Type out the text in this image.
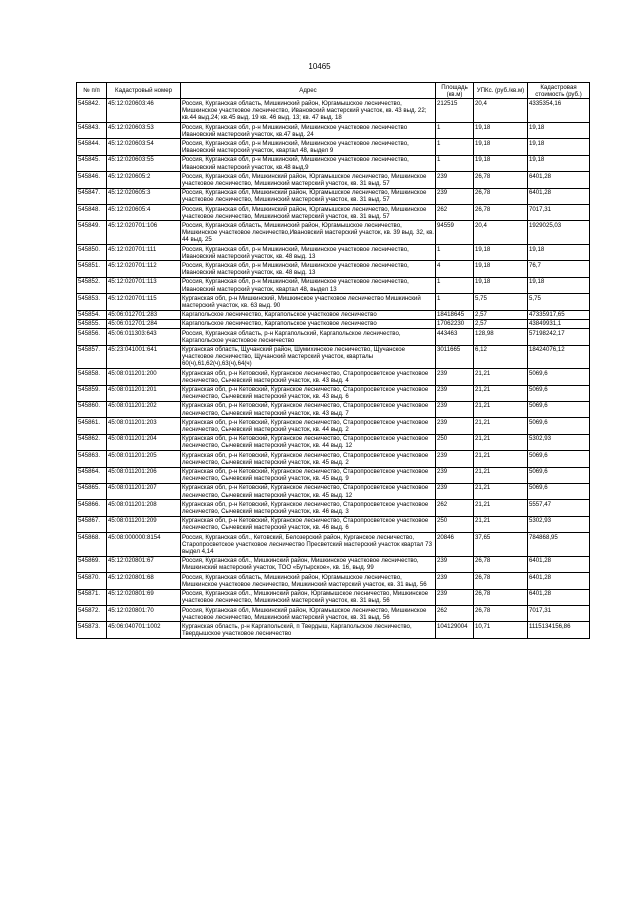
10465
№ п/п	Кадастровый номер	Адрес	Площадь (кв.м)	УПКс. (руб./кв.м)	Кадастровая стоимость (руб.)
545842.	45:12:020603:46	Россия, Курганская область, Мишкинский район, Юргамышское лесничество, Мишкинское участковое лесничество, Ивановский мастерский участок, кв. 43 выд. 22; кв.44 выд.24; кв.45 выд. 19 кв. 46 выд. 13; кв. 47 выд. 18	212515	20,4	4335354,16
545843.	45:12:020603:53	Россия, Курганская обл, р-н Мишкинский, Мишкинское участковое лесничество Ивановский мастерский участок, кв.47 выд. 24	1	19,18	19,18
545844.	45:12:020603:54	Россия, Курганская обл, р-н Мишкинский, Мишкинское участковое лесничество, Ивановский мастерский участок, квартал 48, выдел 9	1	19,18	19,18
545845.	45:12:020603:55	Россия, Курганская обл, р-н Мишкинский, Мишкинское участковое лесничество, Ивановский мастерский участок, кв.48 выд.9	1	19,18	19,18
545846.	45:12:020605:2	Россия, Курганская обл, Мишкинский район, Юргамышское лесничество, Мишкинское участковое лесничество, Мишкинский мастерский участок, кв. 31 выд. 57	239	26,78	6401,28
545847.	45:12:020605:3	Россия, Курганская обл, Мишкинский район, Юргамышское лесничество, Мишкинское участковое лесничество, Мишкинский мастерский участок, кв. 31 выд. 57	239	26,78	6401,28
545848.	45:12:020605:4	Россия, Курганская обл, Мишкинский район, Юргамышское лесничество, Мишкинское участковое лесничество, Мишкинский мастерский участок, кв. 31 выд. 57	262	26,78	7017,31
545849.	45:12:020701:106	Россия, Курганская область, Мишкинский район, Юргамышское лесничество, Мишкинское участковое лесничество,Ивановский мастерский участок, кв. 39 выд. 32, кв. 44 выд. 25	94559	20,4	1929025,03
545850.	45:12:020701:111	Россия, Курганская обл, р-н Мишкинский, Мишкинское участковое лесничество, Ивановский мастерский участок, кв. 48 выд. 13	1	19,18	19,18
545851.	45:12:020701:112	Россия, Курганская обл, р-н Мишкинский, Мишкинское участковое лесничество, Ивановский мастерский участок, кв. 48 выд. 13	4	19,18	76,7
545852.	45:12:020701:113	Россия, Курганская обл, р-н Мишкинский, Мишкинское участковое лесничество, Ивановский мастерский участок, квартал 48, выдел 13	1	19,18	19,18
545853.	45:12:020701:115	Курганская обл, р-н Мишкинский, Мишкинское участковое лесничество Мишкинский мастерский участок, кв. 63 выд. 90	1	5,75	5,75
545854.	45:06:012701:283	Каргапольское лесничество, Каргапольское участковое лесничество	18418645	2,57	47335917,65
545855.	45:06:012701:284	Каргапольское лесничество, Каргапольское участковое лесничество	17062230	2,57	43849931,1
545856.	45:06:011303:643	Россия, Курганская область, р-н Каргапольский, Каргапольское лесничество, Каргапольское участковое лесничество	443463	128,98	57198242,17
545857.	45:23:041001:641	Курганская область, Щучанский район, Шумихинское лесничество, Щучанское участковое лесничество, Щучанский мастерский участок, кварталы 60(ч),61,62(ч),63(ч),64(ч)	3011665	6,12	18424076,12
545858.	45:08:011201:200	Курганская обл, р-н Кетовский, Курганское лесничество, Старопросветское участковое лесничество, Сычевский мастерский участок, кв. 43 выд. 4	239	21,21	5069,6
545859.	45:08:011201:201	Курганская обл, р-н Кетовский, Курганское лесничество, Старопросветское участковое лесничество, Сычевский мастерский участок, кв. 43 выд. 6	239	21,21	5069,6
545860.	45:08:011201:202	Курганская обл, р-н Кетовский, Курганское лесничество, Старопросветское участковое лесничество, Сычевский мастерский участок, кв. 43 выд. 7	239	21,21	5069,6
545861.	45:08:011201:203	Курганская обл, р-н Кетовский, Курганское лесничество, Старопросветское участковое лесничество, Сычевский мастерский участок, кв. 44 выд. 2	239	21,21	5069,6
545862.	45:08:011201:204	Курганская обл, р-н Кетовский, Курганское лесничество, Старопросветское участковое лесничество, Сычевский мастерский участок, кв. 44 выд. 12	250	21,21	5302,93
545863.	45:08:011201:205	Курганская обл, р-н Кетовский, Курганское лесничество, Старопросветское участковое лесничество, Сычевский мастерский участок, кв. 45 выд. 2	239	21,21	5069,6
545864.	45:08:011201:206	Курганская обл, р-н Кетовский, Курганское лесничество, Старопросветское участковое лесничество, Сычевский мастерский участок, кв. 45 выд. 9	239	21,21	5069,6
545865.	45:08:011201:207	Курганская обл, р-н Кетовский, Курганское лесничество, Старопросветское участковое лесничество, Сычевский мастерский участок, кв. 45 выд. 12	239	21,21	5069,6
545866.	45:08:011201:208	Курганская обл, р-н Кетовский, Курганское лесничество, Старопросветское участковое лесничество, Сычевский мастерский участок, кв. 46 выд. 3	262	21,21	5557,47
545867.	45:08:011201:209	Курганская обл, р-н Кетовский, Курганское лесничество, Старопросветское участковое лесничество, Сычевский мастерский участок, кв. 46 выд. 6	250	21,21	5302,93
545868.	45:08:000000:8154	Россия, Курганская обл., Кетовский, Белозерский район, Курганское лесничество, Старопросветское участковое лесничество Пресветский мастерский участок квартал 73 выдел 4,14	20846	37,65	784868,95
545869.	45:12:020801:67	Россия, Курганская обл., Мишкинский район, Мишкинское участковое лесничество, Мишкинский мастерский участок, ТОО «Бутырское», кв. 16, выд. 99	239	26,78	6401,28
545870.	45:12:020801:68	Россия, Курганская область, Мишкинский район, Юргамышское лесничество, Мишкинское участковое лесничество, Мишкинский мастерский участок, кв. 31 выд. 56	239	26,78	6401,28
545871.	45:12:020801:69	Россия, Курганская обл., Мишкинский район, Юргамышское лесничество, Мишкинское участковое лесничество, Мишкинский мастерский участок, кв. 31 выд. 56	239	26,78	6401,28
545872.	45:12:020801:70	Россия, Курганская обл, Мишкинский район, Юргамышское лесничество, Мишкинское участковое лесничество, Мишкинский мастерский участок, кв. 31 выд. 56	262	26,78	7017,31
545873.	45:06:040701:1002	Курганская область, р-н Каргапольский, п Твердыш, Каргапольское лесничество, Твердышское участковое лесничество	104129004	10,71	1115134156,86
